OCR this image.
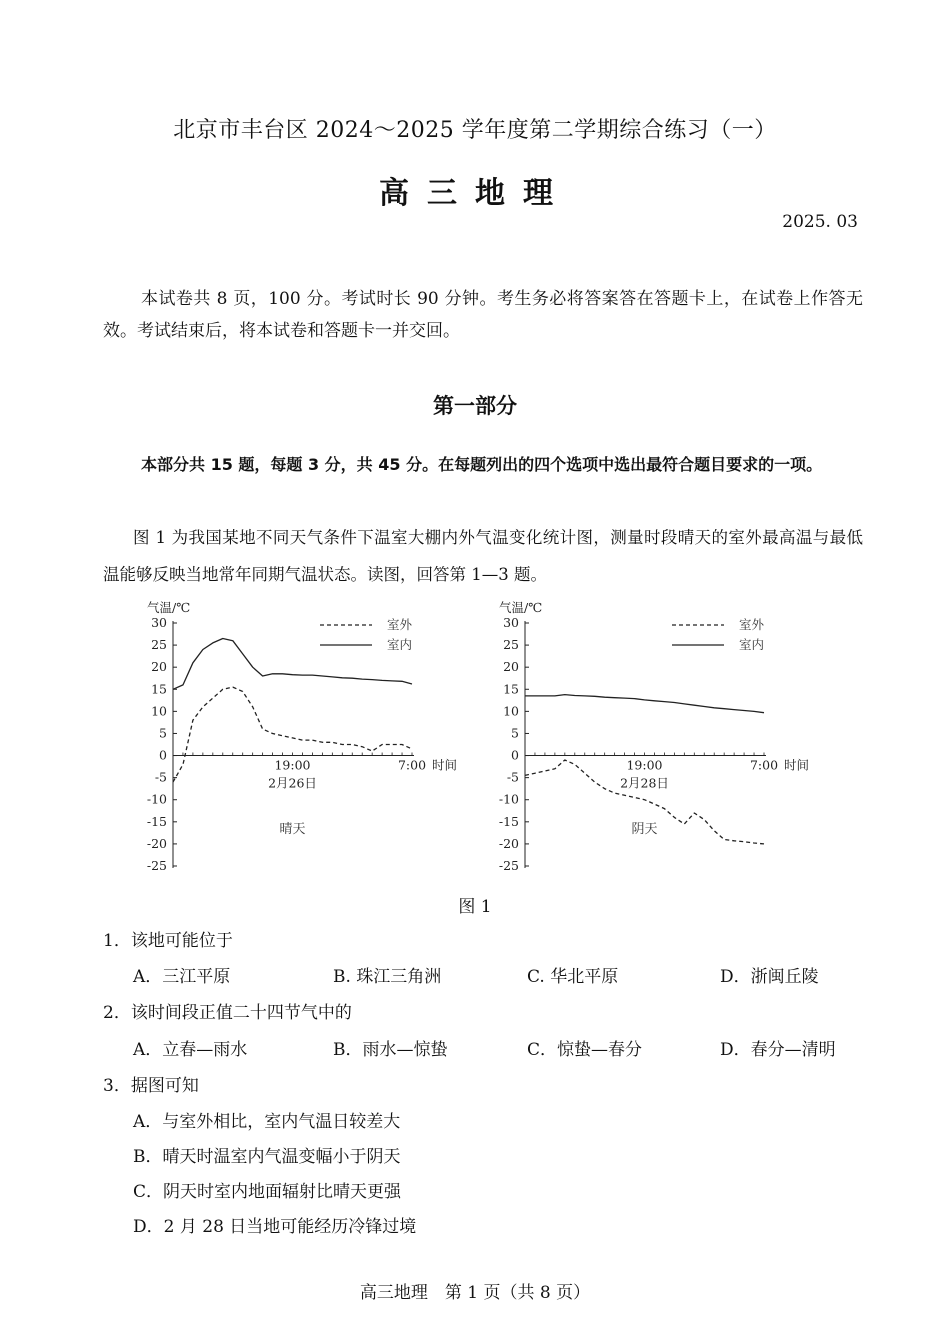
北京市丰台区 2024～2025 学年度第二学期综合练习（一）
高三地理
2025. 03
本试卷共 8 页，100 分。考试时长 90 分钟。考生务必将答案答在答题卡上，在试卷上作答无效。考试结束后，将本试卷和答题卡一并交回。
第一部分
本部分共 15 题，每题 3 分，共 45 分。在每题列出的四个选项中选出最符合题目要求的一项。
图 1 为我国某地不同天气条件下温室大棚内外气温变化统计图，测量时段晴天的室外最高温与最低温能够反映当地常年同期气温状态。读图，回答第 1—3 题。
30
25
20
15
10
5
0
-5
-10
-15
-20
-25
气温/℃
19:00	7:00 时间
2月26日
晴天
室外
室内
30
25
20
15
10
5
0
-5
-10
-15
-20
-25
气温/℃
19:00	7:00 时间
2月28日
阴天
室外
室内
图 1
1．该地可能位于
A．三江平原	B. 珠江三角洲	C. 华北平原	D．浙闽丘陵
2．该时间段正值二十四节气中的
A．立春—雨水	B．雨水—惊蛰	C．惊蛰—春分	D．春分—清明
3．据图可知
A．与室外相比，室内气温日较差大
B．晴天时温室内气温变幅小于阴天
C．阴天时室内地面辐射比晴天更强
D．2 月 28 日当地可能经历冷锋过境
高三地理　第 1 页（共 8 页）
